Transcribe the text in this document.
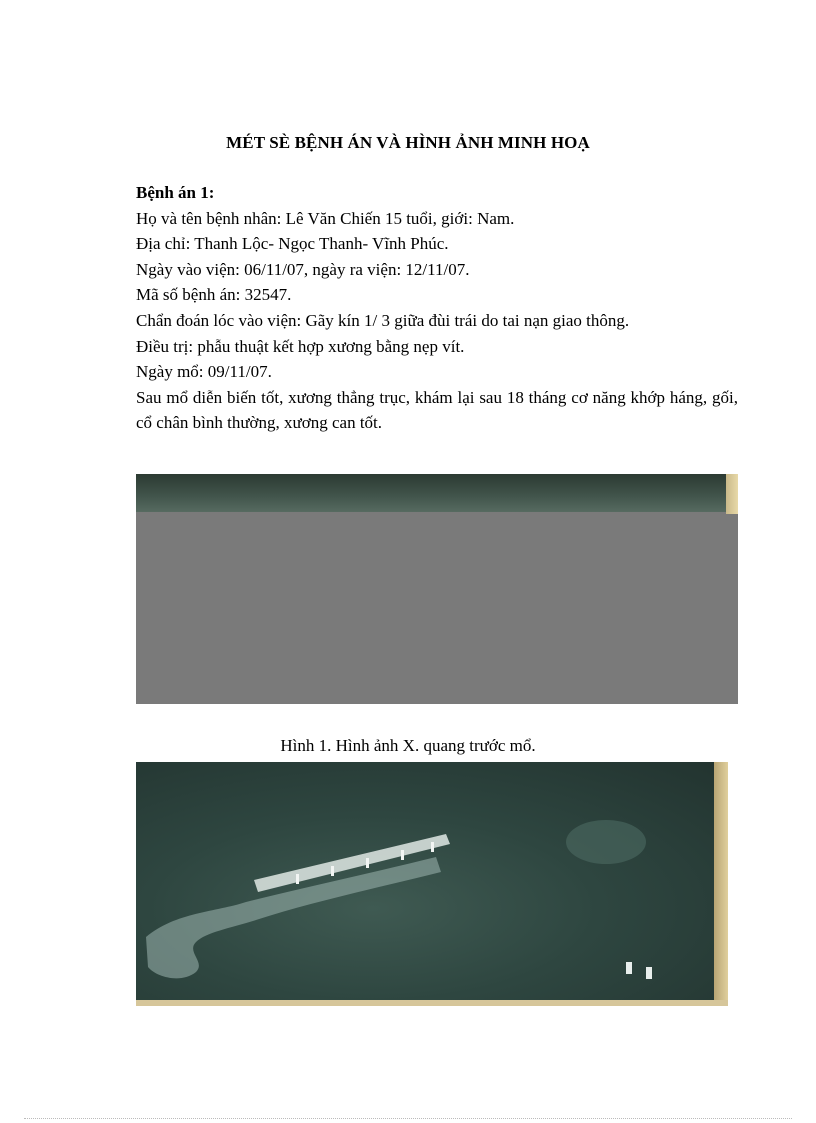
MÉT SÈ BỆNH ÁN VÀ HÌNH ẢNH MINH HOẠ
Bệnh án 1:
Họ và tên bệnh nhân: Lê Văn Chiến 15 tuổi, giới: Nam.
Địa chỉ: Thanh Lộc- Ngọc Thanh- Vĩnh Phúc.
Ngày vào viện: 06/11/07, ngày ra viện: 12/11/07.
Mã số bệnh án: 32547.
Chẩn đoán lóc vào viện: Gãy kín 1/ 3 giữa đùi trái do tai nạn giao thông.
Điều trị: phẫu thuật kết hợp xương bằng nẹp vít.
Ngày mổ: 09/11/07.
Sau mổ diễn biến tốt, xương thẳng trục, khám lại sau 18 tháng cơ năng khớp háng, gối, cổ chân bình thường, xương can tốt.
Hình 1. Hình ảnh X. quang trước mổ.
